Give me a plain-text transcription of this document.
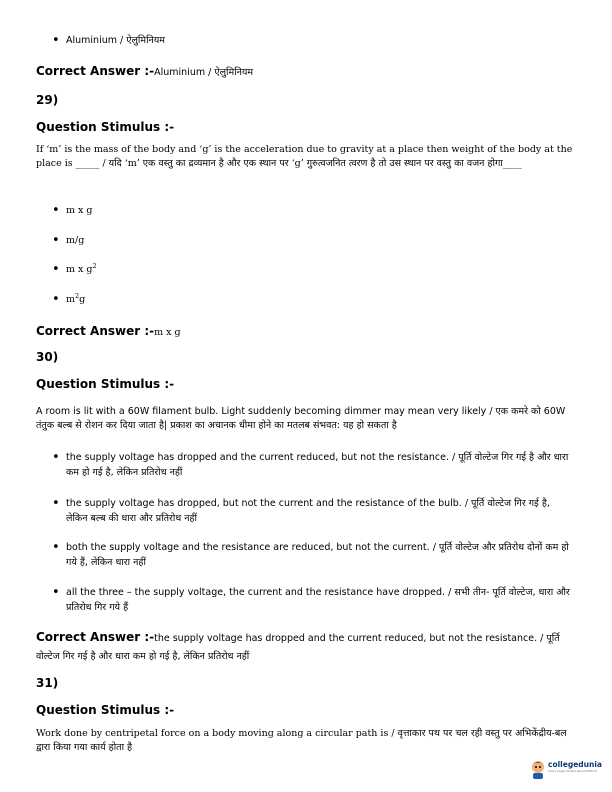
• Aluminium / ऐलुमिनियम
Correct Answer :-Aluminium / ऐलुमिनियम
29)
Question Stimulus :-
If ‘m’ is the mass of the body and ‘g’ is the acceleration due to gravity at a place then weight of the body at the place is _____ / यदि ‘m’ एक वस्तु का द्रव्यमान है और एक स्थान पर ‘g’ गुरुत्वजनित त्वरण है तो उस स्थान पर वस्तु का वजन होगा____
• m x g
• m/g
• m x $g^2$
• $m^2g$
Correct Answer :-m x g
30)
Question Stimulus :-
A room is lit with a 60W filament bulb. Light suddenly becoming dimmer may mean very likely / एक कमरे को 60W तंतुक बल्ब से रोशन कर दिया जाता है| प्रकाश का अचानक धीमा होने का मतलब संभवत: यह हो सकता है
• the supply voltage has dropped and the current reduced, but not the resistance. / पूर्ति वोल्टेज गिर गई है और धारा कम हो गई है, लेकिन प्रतिरोध नहीं
• the supply voltage has dropped, but not the current and the resistance of the bulb. / पूर्ति वोल्टेज गिर गई है, लेकिन बल्ब की धारा और प्रतिरोध नहीं
• both the supply voltage and the resistance are reduced, but not the current. / पूर्ति वोल्टेज और प्रतिरोध दोनों कम हो गये हैं, लेकिन धारा नहीं
• all the three – the supply voltage, the current and the resistance have dropped. / सभी तीन- पूर्ति वोल्टेज, धारा और प्रतिरोध गिर गये हैं
Correct Answer :-the supply voltage has dropped and the current reduced, but not the resistance. / पूर्ति वोल्टेज गिर गई है और धारा कम हो गई है, लेकिन प्रतिरोध नहीं
31)
Question Stimulus :-
Work done by centripetal force on a body moving along a circular path is / वृत्ताकार पथ पर चल रही वस्तु पर अभिकेंद्रीय-बल द्वारा किया गया कार्य होता है
collegedunia
India's largest Student Review Platform
